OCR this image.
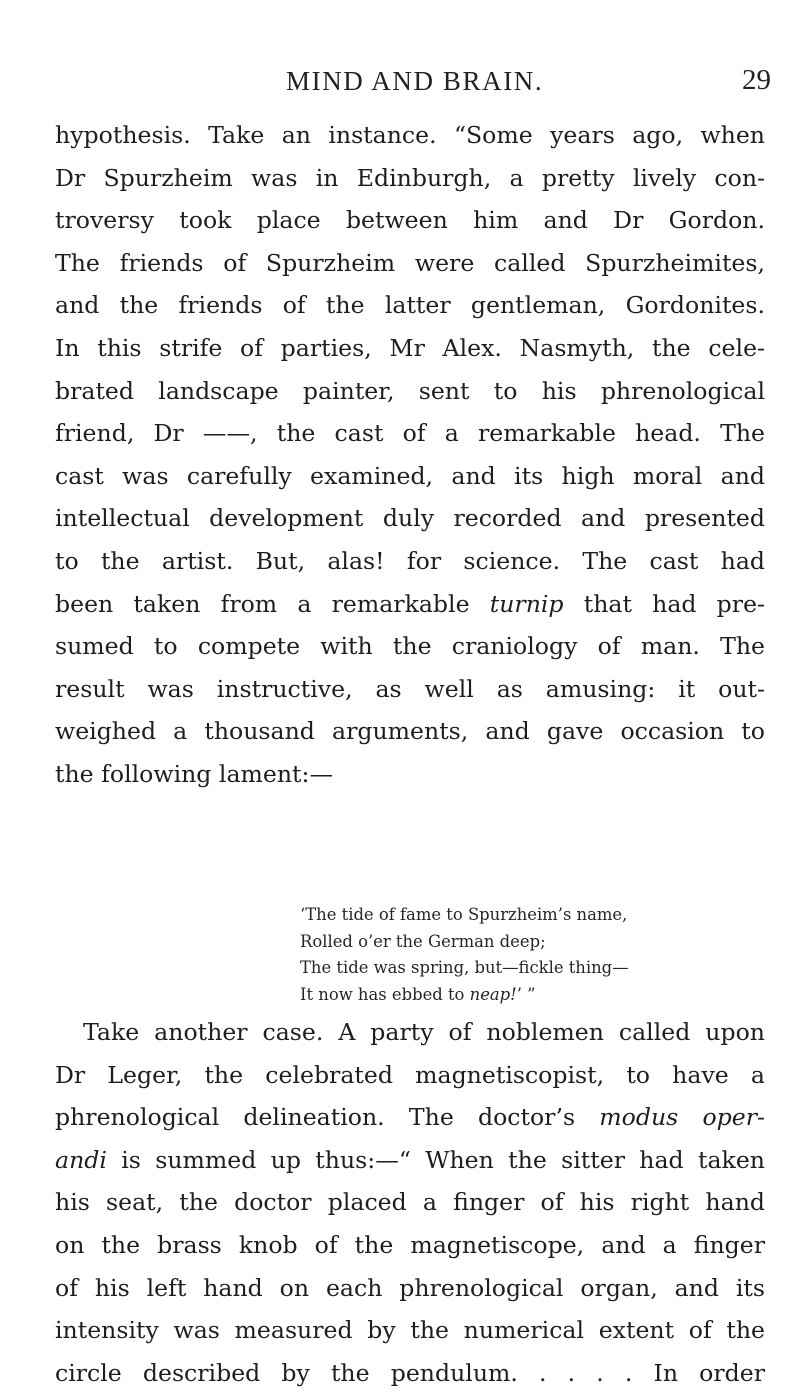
MIND AND BRAIN.	29
hypothesis. Take an instance. “Some years ago, when
Dr Spurzheim was in Edinburgh, a pretty lively con-
troversy took place between him and Dr Gordon.
The friends of Spurzheim were called Spurzheimites,
and the friends of the latter gentleman, Gordonites.
In this strife of parties, Mr Alex. Nasmyth, the cele-
brated landscape painter, sent to his phrenological
friend, Dr ——, the cast of a remarkable head. The
cast was carefully examined, and its high moral and
intellectual development duly recorded and presented
to the artist. But, alas! for science. The cast had
been taken from a remarkable turnip that had pre-
sumed to compete with the craniology of man. The
result was instructive, as well as amusing: it out-
weighed a thousand arguments, and gave occasion to
the following lament:—
‘The tide of fame to Spurzheim’s name,
Rolled o’er the German deep;
The tide was spring, but—fickle thing—
It now has ebbed to neap!’ ”
Take another case. A party of noblemen called upon
Dr Leger, the celebrated magnetiscopist, to have a
phrenological delineation. The doctor’s modus oper-
andi is summed up thus:—“ When the sitter had taken
his seat, the doctor placed a finger of his right hand
on the brass knob of the magnetiscope, and a finger
of his left hand on each phrenological organ, and its
intensity was measured by the numerical extent of the
circle described by the pendulum. . . . . In order
